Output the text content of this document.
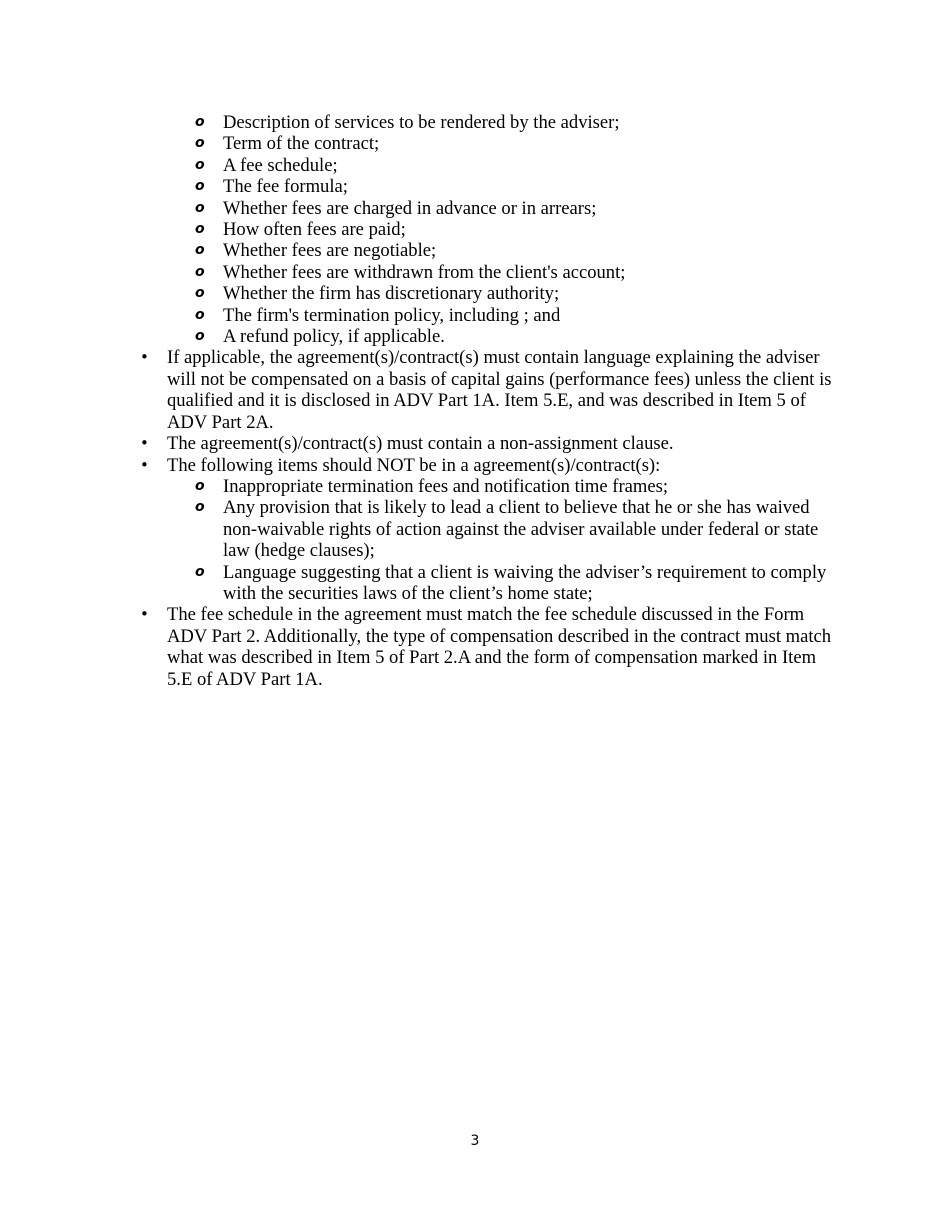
o Description of services to be rendered by the adviser;
o Term of the contract;
o A fee schedule;
o The fee formula;
o Whether fees are charged in advance or in arrears;
o How often fees are paid;
o Whether fees are negotiable;
o Whether fees are withdrawn from the client's account;
o Whether the firm has discretionary authority;
o The firm's termination policy, including ; and
o A refund policy, if applicable.
• If applicable, the agreement(s)/contract(s) must contain language explaining the adviser will not be compensated on a basis of capital gains (performance fees) unless the client is qualified and it is disclosed in ADV Part 1A. Item 5.E, and was described in Item 5 of ADV Part 2A.
• The agreement(s)/contract(s) must contain a non-assignment clause.
• The following items should NOT be in a agreement(s)/contract(s):
o Inappropriate termination fees and notification time frames;
o Any provision that is likely to lead a client to believe that he or she has waived non-waivable rights of action against the adviser available under federal or state law (hedge clauses);
o Language suggesting that a client is waiving the adviser’s requirement to comply with the securities laws of the client’s home state;
• The fee schedule in the agreement must match the fee schedule discussed in the Form ADV Part 2. Additionally, the type of compensation described in the contract must match what was described in Item 5 of Part 2.A and the form of compensation marked in Item 5.E of ADV Part 1A.
3
